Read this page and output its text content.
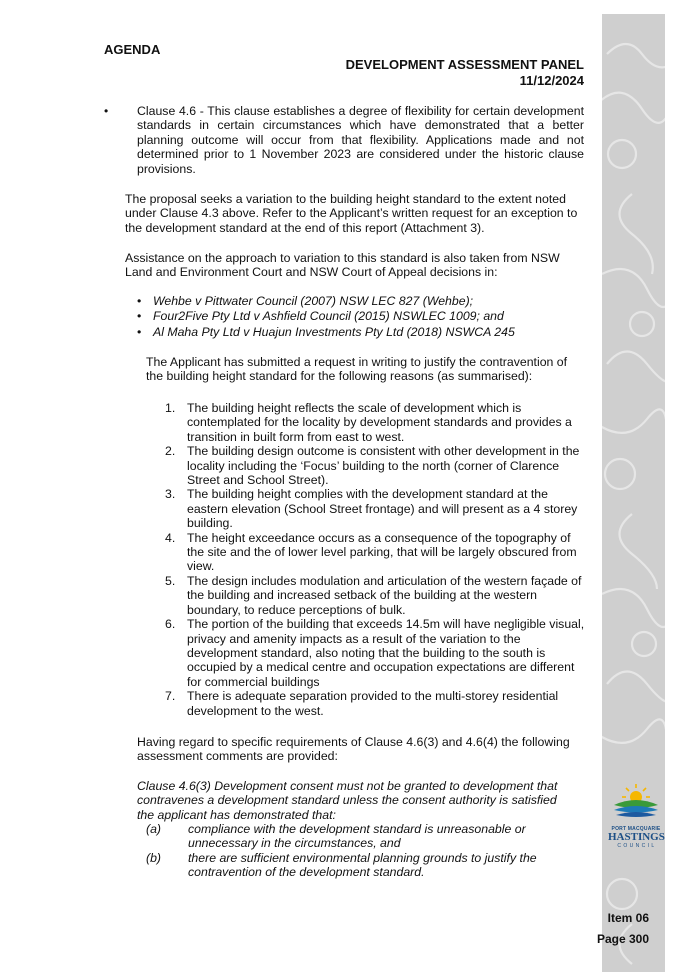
AGENDA
DEVELOPMENT ASSESSMENT PANEL
11/12/2024
• Clause 4.6 - This clause establishes a degree of flexibility for certain development standards in certain circumstances which have demonstrated that a better planning outcome will occur from that flexibility. Applications made and not determined prior to 1 November 2023 are considered under the historic clause provisions.
The proposal seeks a variation to the building height standard to the extent noted under Clause 4.3 above. Refer to the Applicant’s written request for an exception to the development standard at the end of this report (Attachment 3).
Assistance on the approach to variation to this standard is also taken from NSW Land and Environment Court and NSW Court of Appeal decisions in:
• Wehbe v Pittwater Council (2007) NSW LEC 827 (Wehbe);
• Four2Five Pty Ltd v Ashfield Council (2015) NSWLEC 1009; and
• Al Maha Pty Ltd v Huajun Investments Pty Ltd (2018) NSWCA 245
The Applicant has submitted a request in writing to justify the contravention of the building height standard for the following reasons (as summarised):
1. The building height reflects the scale of development which is contemplated for the locality by development standards and provides a transition in built form from east to west.
2. The building design outcome is consistent with other development in the locality including the ‘Focus’ building to the north (corner of Clarence Street and School Street).
3. The building height complies with the development standard at the eastern elevation (School Street frontage) and will present as a 4 storey building.
4. The height exceedance occurs as a consequence of the topography of the site and the of lower level parking, that will be largely obscured from view.
5. The design includes modulation and articulation of the western façade of the building and increased setback of the building at the western boundary, to reduce perceptions of bulk.
6. The portion of the building that exceeds 14.5m will have negligible visual, privacy and amenity impacts as a result of the variation to the development standard, also noting that the building to the south is occupied by a medical centre and occupation expectations are different for commercial buildings
7. There is adequate separation provided to the multi-storey residential development to the west.
Having regard to specific requirements of Clause 4.6(3) and 4.6(4) the following assessment comments are provided:
Clause 4.6(3) Development consent must not be granted to development that contravenes a development standard unless the consent authority is satisfied the applicant has demonstrated that:
(a) compliance with the development standard is unreasonable or unnecessary in the circumstances, and
(b) there are sufficient environmental planning grounds to justify the contravention of the development standard.
PORT MACQUARIE
HASTINGS
C O U N C I L
Item 06
Page 300
